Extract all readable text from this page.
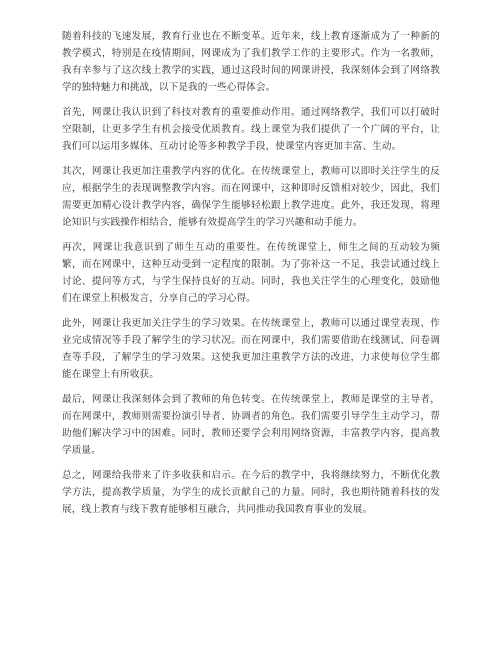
随着科技的飞速发展，教育行业也在不断变革。近年来，线上教育逐渐成为了一种新的教学模式，特别是在疫情期间，网课成为了我们教学工作的主要形式。作为一名教师，我有幸参与了这次线上教学的实践，通过这段时间的网课讲授，我深刻体会到了网络教学的独特魅力和挑战，以下是我的一些心得体会。

首先，网课让我认识到了科技对教育的重要推动作用。通过网络教学，我们可以打破时空限制，让更多学生有机会接受优质教育。线上课堂为我们提供了一个广阔的平台，让我们可以运用多媒体、互动讨论等多种教学手段，使课堂内容更加丰富、生动。

其次，网课让我更加注重教学内容的优化。在传统课堂上，教师可以即时关注学生的反应，根据学生的表现调整教学内容。而在网课中，这种即时反馈相对较少，因此，我们需要更加精心设计教学内容，确保学生能够轻松跟上教学进度。此外，我还发现，将理论知识与实践操作相结合，能够有效提高学生的学习兴趣和动手能力。

再次，网课让我意识到了师生互动的重要性。在传统课堂上，师生之间的互动较为频繁，而在网课中，这种互动受到一定程度的限制。为了弥补这一不足，我尝试通过线上讨论、提问等方式，与学生保持良好的互动。同时，我也关注学生的心理变化，鼓励他们在课堂上积极发言，分享自己的学习心得。

此外，网课让我更加关注学生的学习效果。在传统课堂上，教师可以通过课堂表现、作业完成情况等手段了解学生的学习状况。而在网课中，我们需要借助在线测试、问卷调查等手段，了解学生的学习效果。这使我更加注重教学方法的改进，力求使每位学生都能在课堂上有所收获。

最后，网课让我深刻体会到了教师的角色转变。在传统课堂上，教师是课堂的主导者，而在网课中，教师则需要扮演引导者、协调者的角色。我们需要引导学生主动学习，帮助他们解决学习中的困难。同时，教师还要学会利用网络资源，丰富教学内容，提高教学质量。

总之，网课给我带来了许多收获和启示。在今后的教学中，我将继续努力，不断优化教学方法，提高教学质量，为学生的成长贡献自己的力量。同时，我也期待随着科技的发展，线上教育与线下教育能够相互融合，共同推动我国教育事业的发展。
